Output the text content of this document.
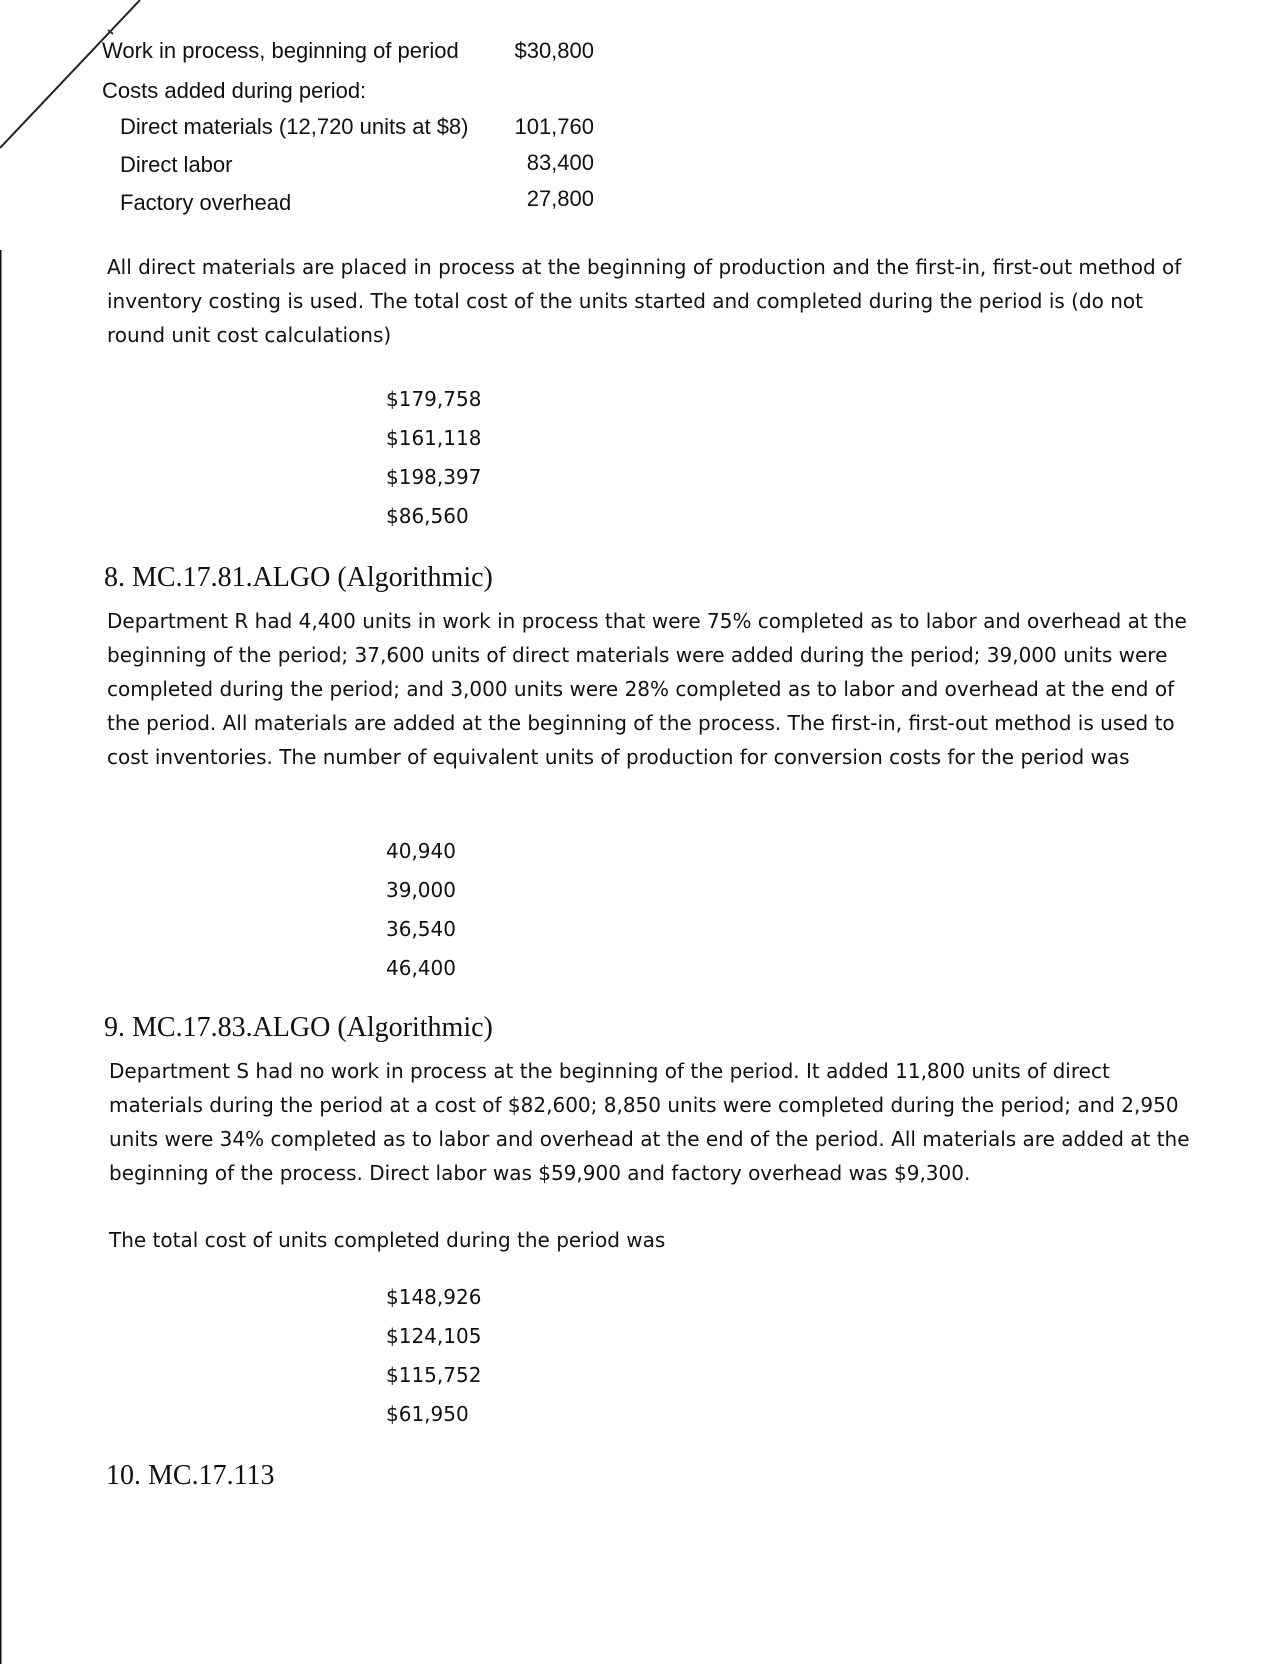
Work in process, beginning of period	$30,800
Costs added during period:
Direct materials (12,720 units at $8)	101,760
Direct labor	83,400
Factory overhead	27,800
All direct materials are placed in process at the beginning of production and the first-in, first-out method of inventory costing is used. The total cost of the units started and completed during the period is (do not round unit cost calculations)
$179,758
$161,118
$198,397
$86,560
8. MC.17.81.ALGO (Algorithmic)
Department R had 4,400 units in work in process that were 75% completed as to labor and overhead at the beginning of the period; 37,600 units of direct materials were added during the period; 39,000 units were completed during the period; and 3,000 units were 28% completed as to labor and overhead at the end of the period. All materials are added at the beginning of the process. The first-in, first-out method is used to cost inventories. The number of equivalent units of production for conversion costs for the period was
40,940
39,000
36,540
46,400
9. MC.17.83.ALGO (Algorithmic)
Department S had no work in process at the beginning of the period. It added 11,800 units of direct materials during the period at a cost of $82,600; 8,850 units were completed during the period; and 2,950 units were 34% completed as to labor and overhead at the end of the period. All materials are added at the beginning of the process. Direct labor was $59,900 and factory overhead was $9,300.
The total cost of units completed during the period was
$148,926
$124,105
$115,752
$61,950
10. MC.17.113
